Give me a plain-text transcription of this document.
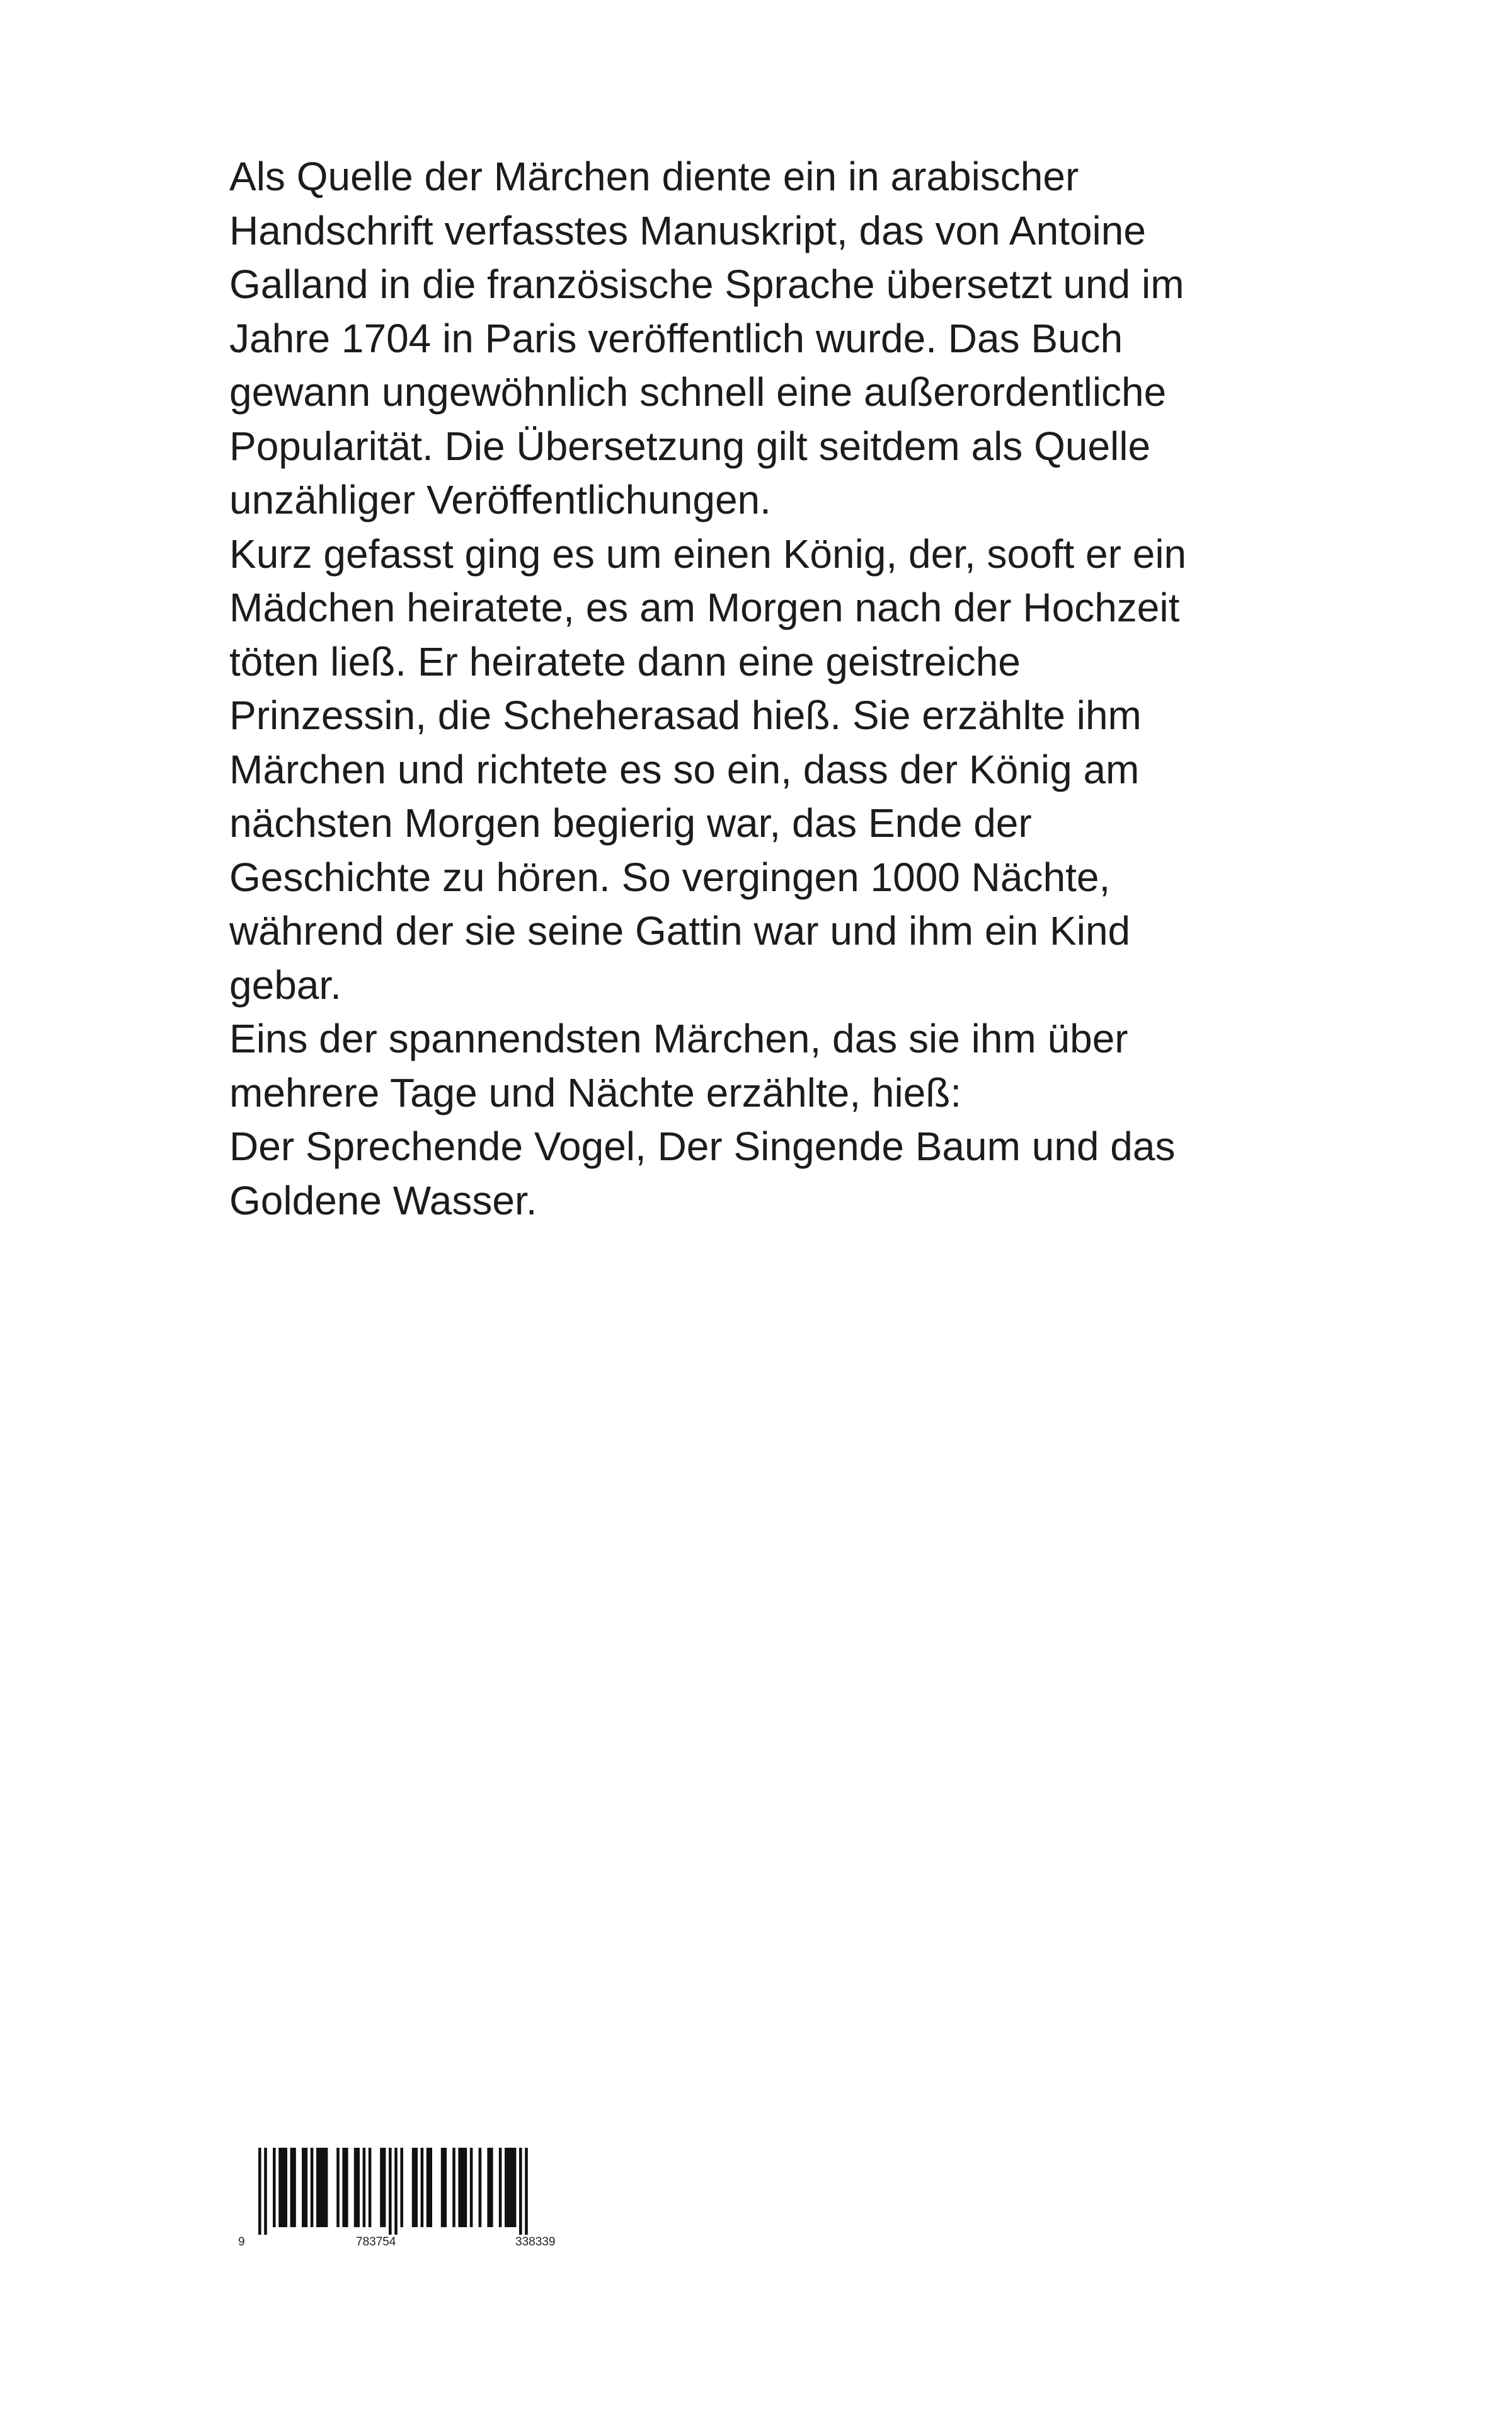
Als Quelle der Märchen diente ein in arabischer
Handschrift verfasstes Manuskript, das von Antoine
Galland in die französische Sprache übersetzt und im
Jahre 1704 in Paris veröffentlich wurde. Das Buch
gewann ungewöhnlich schnell eine außerordentliche
Popularität. Die Übersetzung gilt seitdem als Quelle
unzähliger Veröffentlichungen.
Kurz gefasst ging es um einen König, der, sooft er ein
Mädchen heiratete, es am Morgen nach der Hochzeit
töten ließ. Er heiratete dann eine geistreiche
Prinzessin, die Scheherasad hieß. Sie erzählte ihm
Märchen und richtete es so ein, dass der König am
nächsten Morgen begierig war, das Ende der
Geschichte zu hören. So vergingen 1000 Nächte,
während der sie seine Gattin war und ihm ein Kind
gebar.
Eins der spannendsten Märchen, das sie ihm über
mehrere Tage und Nächte erzählte, hieß:
Der Sprechende Vogel, Der Singende Baum und das
Goldene Wasser.
9	783754	338339
